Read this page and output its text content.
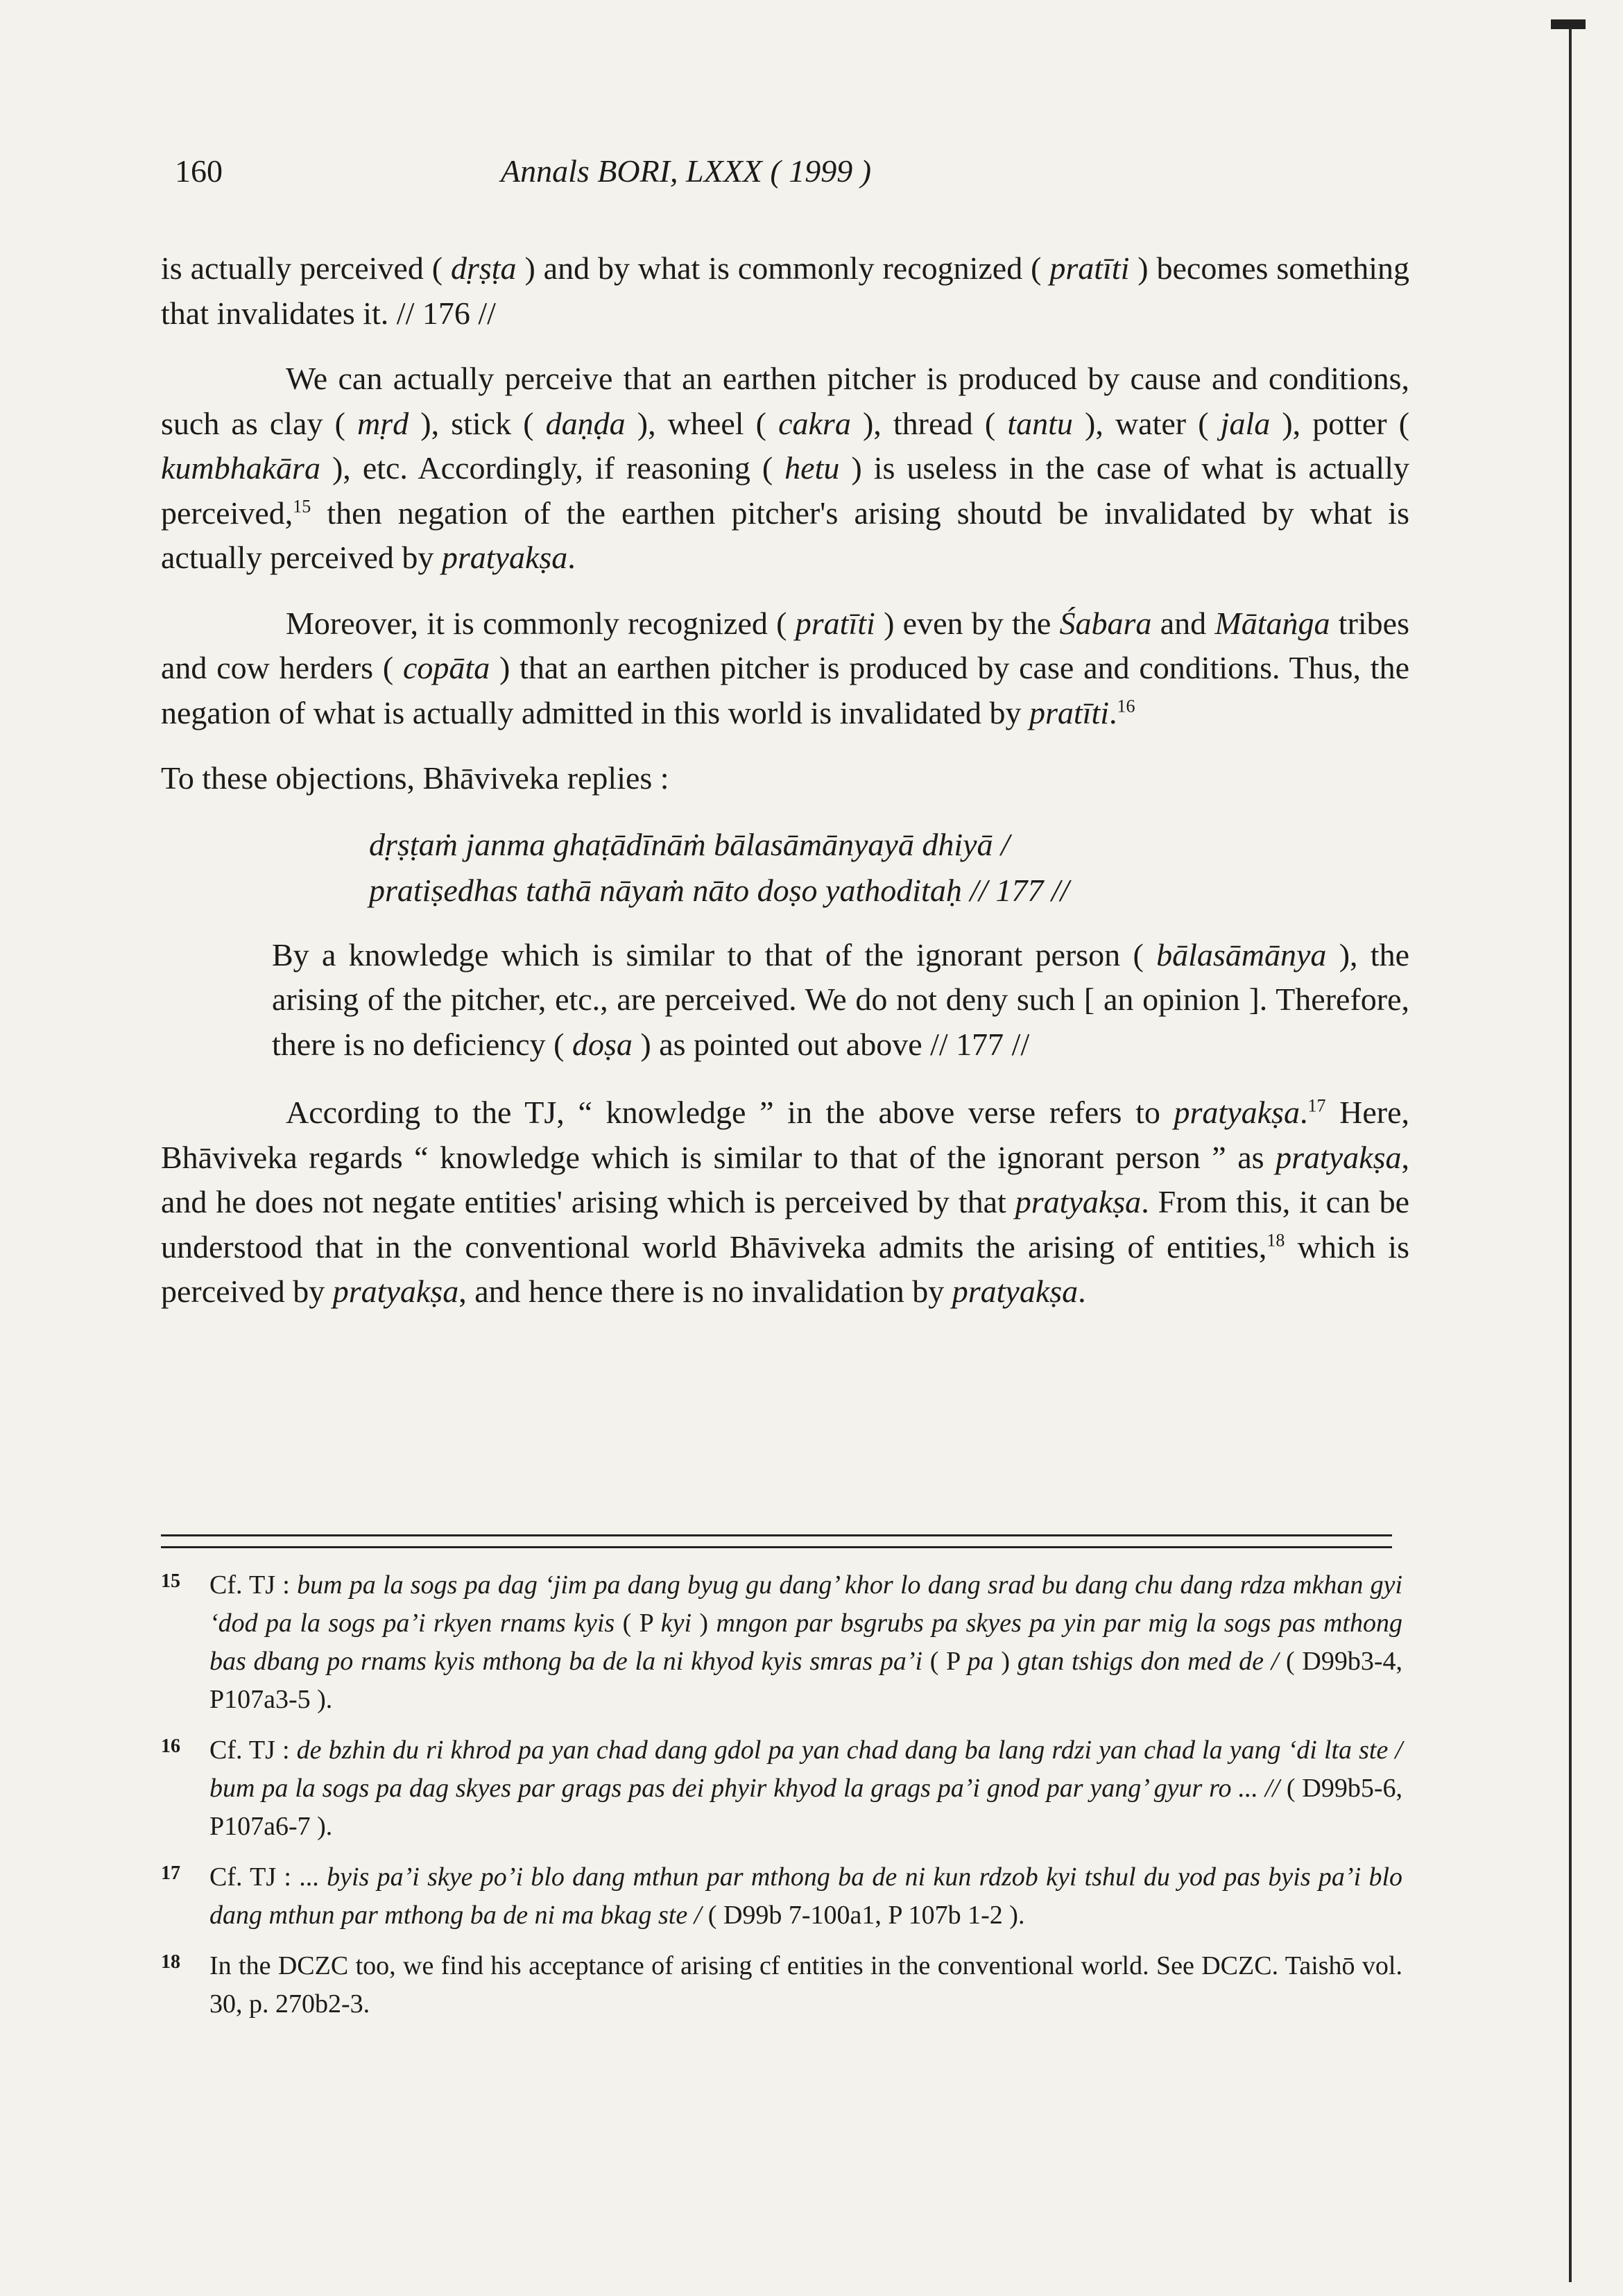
160	Annals BORI, LXXX ( 1999 )

is actually perceived ( dṛṣṭa ) and by what is commonly recognized ( pratīti ) becomes something that invalidates it. // 176 //

We can actually perceive that an earthen pitcher is produced by cause and conditions, such as clay ( mṛd ), stick ( daṇḍa ), wheel ( cakra ), thread ( tantu ), water ( jala ), potter ( kumbhakāra ), etc. Accordingly, if reasoning ( hetu ) is useless in the case of what is actually perceived,$^{15}$ then negation of the earthen pitcher's arising shoutd be invalidated by what is actually perceived by pratyakṣa.

Moreover, it is commonly recognized ( pratīti ) even by the Śabara and Mātaṅga tribes and cow herders ( copāta ) that an earthen pitcher is produced by case and conditions. Thus, the negation of what is actually admitted in this world is invalidated by pratīti.$^{16}$

To these objections, Bhāviveka replies :

dṛṣṭaṁ janma ghaṭādīnāṁ bālasāmānyayā dhiyā /
pratiṣedhas tathā nāyaṁ nāto doṣo yathoditaḥ // 177 //
By a knowledge which is similar to that of the ignorant person ( bālasāmānya ), the arising of the pitcher, etc., are perceived. We do not deny such [ an opinion ]. Therefore, there is no deficiency ( doṣa ) as pointed out above // 177 //

According to the TJ, “ knowledge ” in the above verse refers to pratyakṣa.$^{17}$ Here, Bhāviveka regards “ knowledge which is similar to that of the ignorant person ” as pratyakṣa, and he does not negate entities' arising which is perceived by that pratyakṣa. From this, it can be understood that in the conventional world Bhāviveka admits the arising of entities,$^{18}$ which is perceived by pratyakṣa, and hence there is no invalidation by pratyakṣa.

15 Cf. TJ : bum pa la sogs pa dag ‘jim pa dang byug gu dang’ khor lo dang srad bu dang chu dang rdza mkhan gyi ‘dod pa la sogs pa’i rkyen rnams kyis ( P kyi ) mngon par bsgrubs pa skyes pa yin par mig la sogs pas mthong bas dbang po rnams kyis mthong ba de la ni khyod kyis smras pa’i ( P pa ) gtan tshigs don med de / ( D99b3-4, P107a3-5 ).
16 Cf. TJ : de bzhin du ri khrod pa yan chad dang gdol pa yan chad dang ba lang rdzi yan chad la yang ‘di lta ste / bum pa la sogs pa dag skyes par grags pas dei phyir khyod la grags pa’i gnod par yang’ gyur ro ... // ( D99b5-6, P107a6-7 ).
17 Cf. TJ : ... byis pa’i skye po’i blo dang mthun par mthong ba de ni kun rdzob kyi tshul du yod pas byis pa’i blo dang mthun par mthong ba de ni ma bkag ste / ( D99b 7-100a1, P 107b 1-2 ).
18 In the DCZC too, we find his acceptance of arising cf entities in the conventional world. See DCZC. Taishō vol. 30, p. 270b2-3.
